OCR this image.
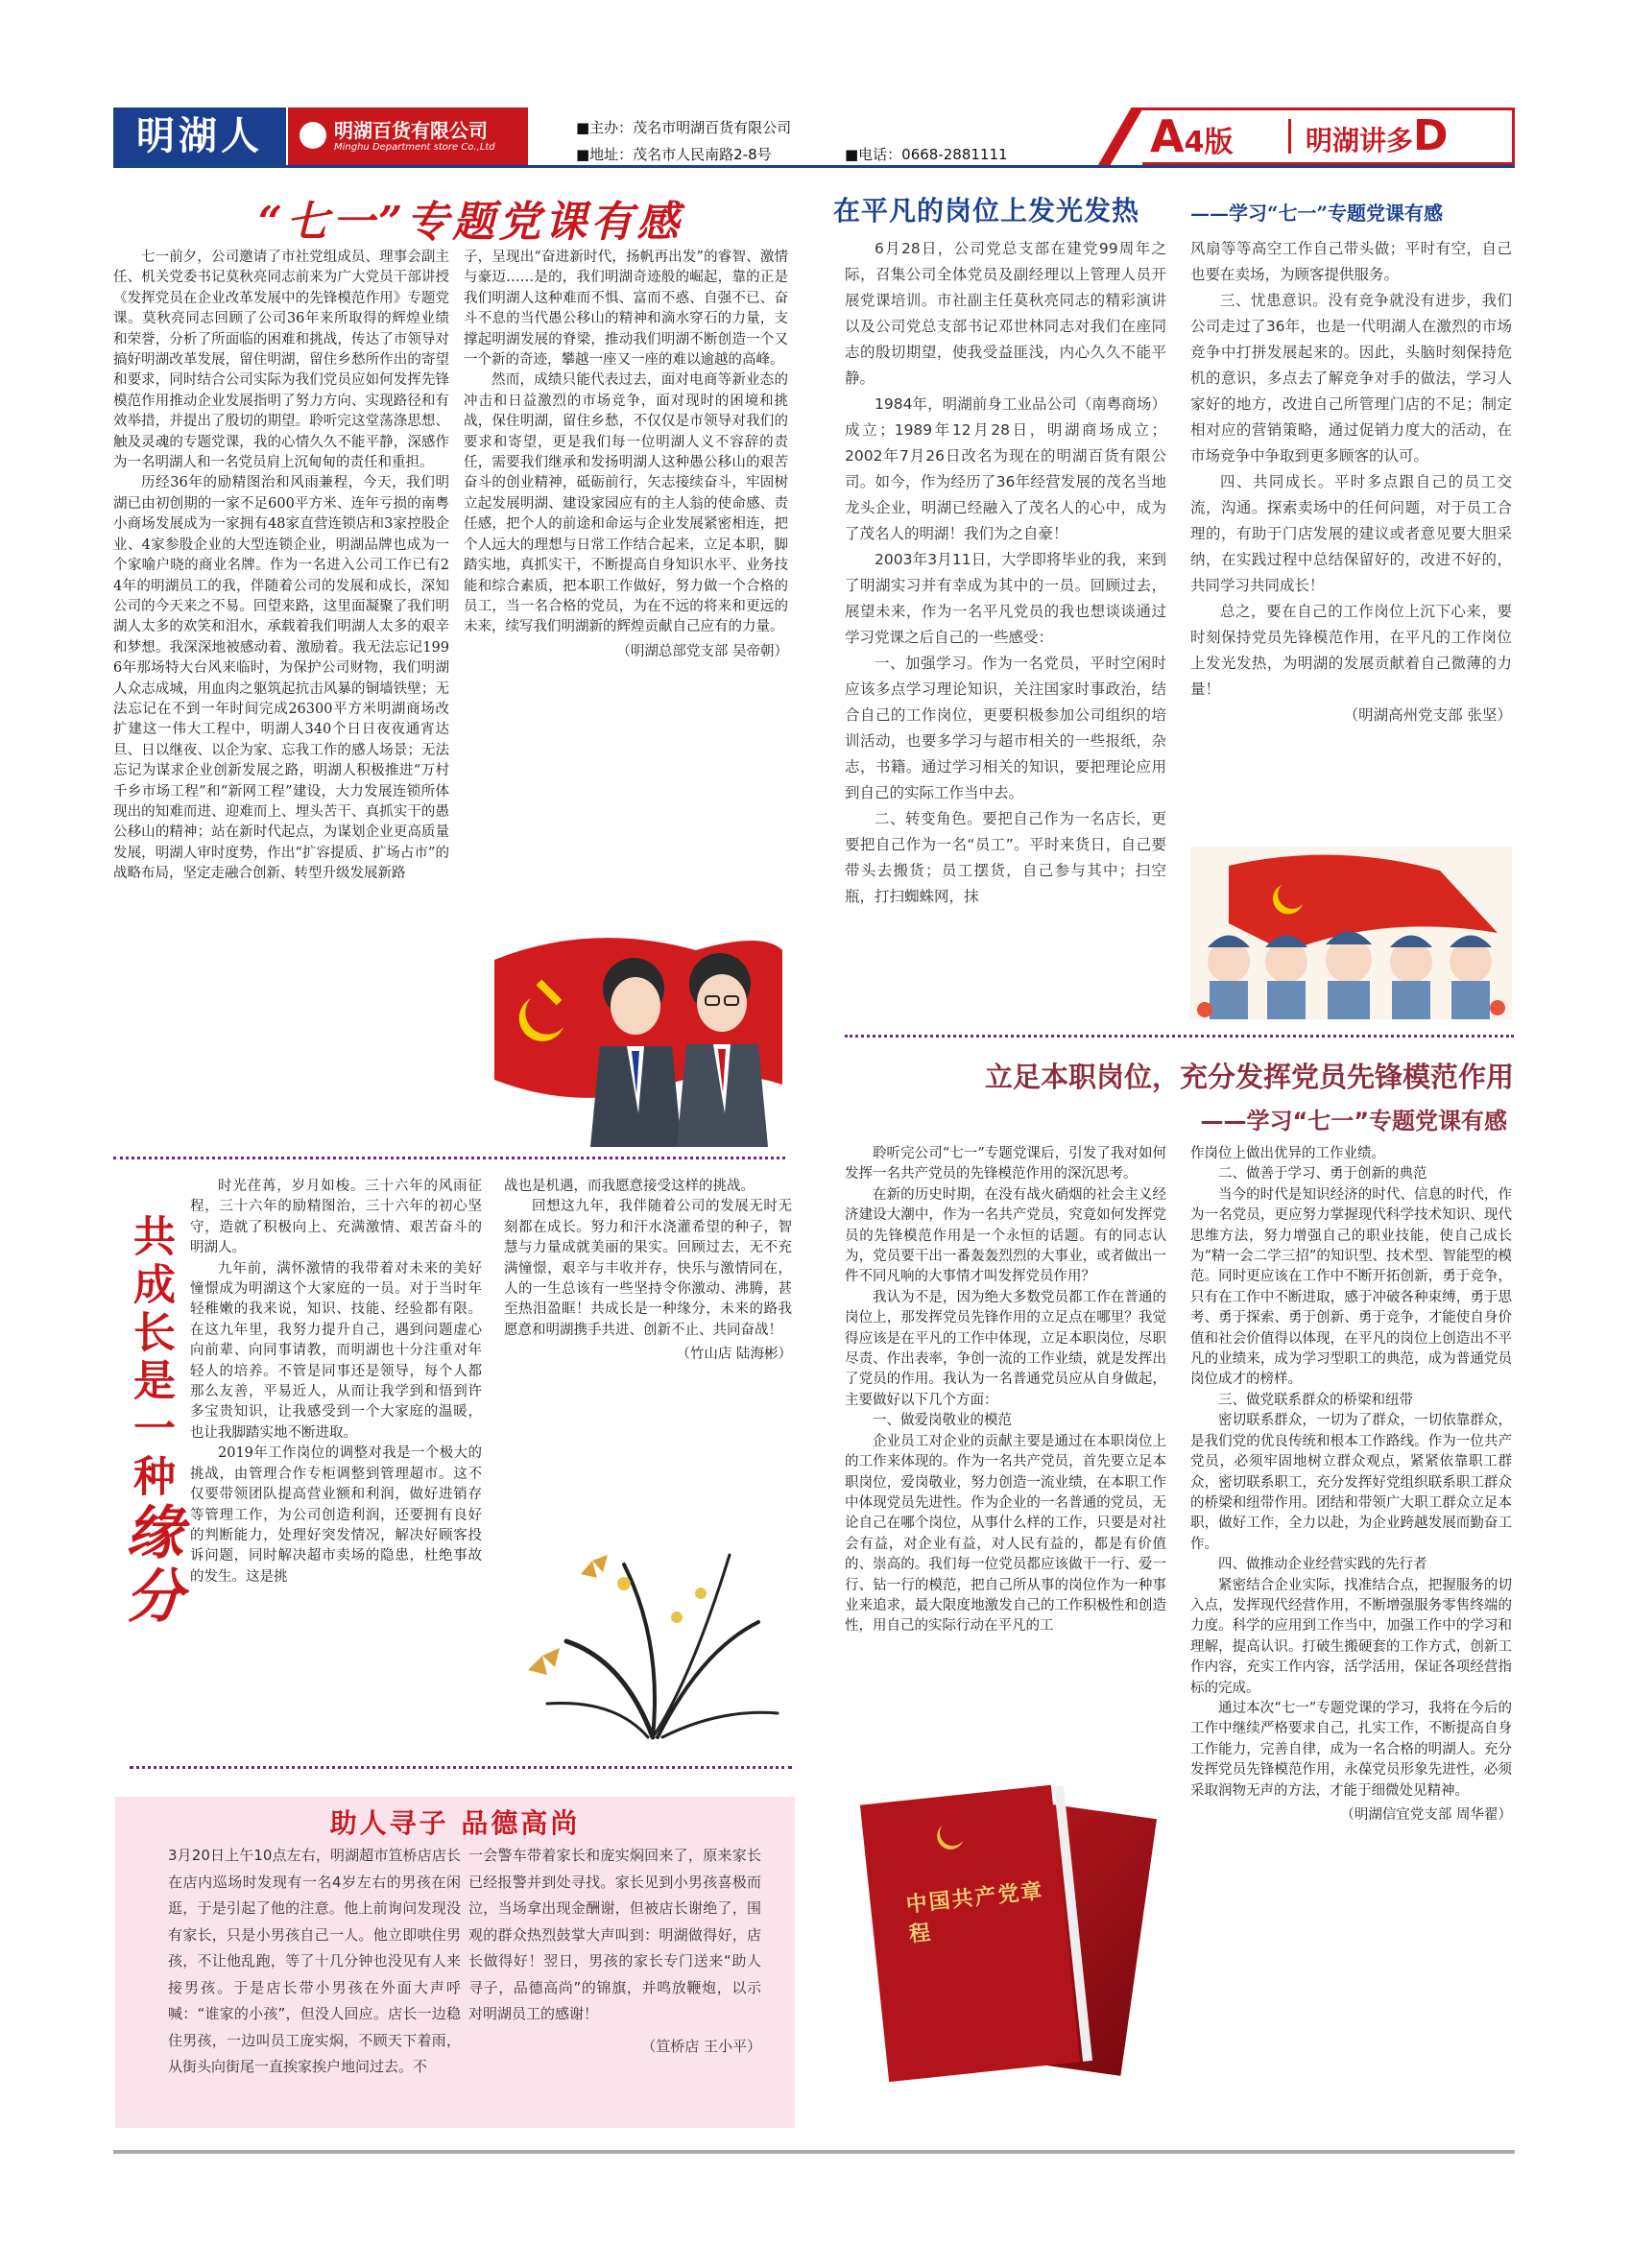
明湖人	明湖百货有限公司
Minghu Department store Co.,Ltd
■主办：茂名市明湖百货有限公司
■地址：茂名市人民南路2-8号	■电话：0668-2881111	A4版	明湖讲多D
“七一”专题党课有感

七一前夕，公司邀请了市社党组成员、理事会副主任、机关党委书记莫秋亮同志前来为广大党员干部讲授《发挥党员在企业改革发展中的先锋模范作用》专题党课。莫秋亮同志回顾了公司36年来所取得的辉煌业绩和荣誉，分析了所面临的困难和挑战，传达了市领导对搞好明湖改革发展，留住明湖，留住乡愁所作出的寄望和要求，同时结合公司实际为我们党员应如何发挥先锋模范作用推动企业发展指明了努力方向、实现路径和有效举措，并提出了殷切的期望。聆听完这堂荡涤思想、触及灵魂的专题党课，我的心情久久不能平静，深感作为一名明湖人和一名党员肩上沉甸甸的责任和重担。

历经36年的励精图治和风雨兼程，今天，我们明湖已由初创期的一家不足600平方米、连年亏损的南粤小商场发展成为一家拥有48家直营连锁店和3家控股企业、4家参股企业的大型连锁企业，明湖品牌也成为一个家喻户晓的商业名牌。作为一名进入公司工作已有24年的明湖员工的我，伴随着公司的发展和成长，深知公司的今天来之不易。回望来路，这里面凝聚了我们明湖人太多的欢笑和泪水，承载着我们明湖人太多的艰辛和梦想。我深深地被感动着、激励着。我无法忘记1996年那场特大台风来临时，为保护公司财物，我们明湖人众志成城，用血肉之躯筑起抗击风暴的铜墙铁壁；无法忘记在不到一年时间完成26300平方米明湖商场改扩建这一伟大工程中，明湖人340个日日夜夜通宵达旦、日以继夜、以企为家、忘我工作的感人场景；无法忘记为谋求企业创新发展之路，明湖人积极推进“万村千乡市场工程”和“新网工程”建设，大力发展连锁所体现出的知难而进、迎难而上、埋头苦干、真抓实干的愚公移山的精神；站在新时代起点，为谋划企业更高质量发展，明湖人审时度势，作出“扩容提质、扩场占市”的战略布局，坚定走融合创新、转型升级发展新路

子，呈现出“奋进新时代，扬帆再出发”的睿智、激情与豪迈……是的，我们明湖奇迹般的崛起，靠的正是我们明湖人这种难而不惧、富而不惑、自强不已、奋斗不息的当代愚公移山的精神和滴水穿石的力量，支撑起明湖发展的脊梁，推动我们明湖不断创造一个又一个新的奇迹，攀越一座又一座的难以逾越的高峰。

然而，成绩只能代表过去，面对电商等新业态的冲击和日益激烈的市场竞争，面对现时的困境和挑战，保住明湖，留住乡愁，不仅仅是市领导对我们的要求和寄望，更是我们每一位明湖人义不容辞的责任，需要我们继承和发扬明湖人这种愚公移山的艰苦奋斗的创业精神，砥砺前行，矢志接续奋斗，牢固树立起发展明湖、建设家园应有的主人翁的使命感、责任感，把个人的前途和命运与企业发展紧密相连，把个人远大的理想与日常工作结合起来，立足本职，脚踏实地，真抓实干，不断提高自身知识水平、业务技能和综合素质，把本职工作做好，努力做一个合格的员工，当一名合格的党员，为在不远的将来和更远的未来，续写我们明湖新的辉煌贡献自己应有的力量。

（明湖总部党支部 吴帝朝）

共成长是一种缘分

时光荏苒，岁月如梭。三十六年的风雨征程，三十六年的励精图治，三十六年的初心坚守，造就了积极向上、充满激情、艰苦奋斗的明湖人。

九年前，满怀激情的我带着对未来的美好憧憬成为明湖这个大家庭的一员。对于当时年轻稚嫩的我来说，知识、技能、经验都有限。在这九年里，我努力提升自己，遇到问题虚心向前辈、向同事请教，而明湖也十分注重对年轻人的培养。不管是同事还是领导，每个人都那么友善，平易近人，从而让我学到和悟到许多宝贵知识，让我感受到一个大家庭的温暖，也让我脚踏实地不断进取。

2019年工作岗位的调整对我是一个极大的挑战，由管理合作专柜调整到管理超市。这不仅要带领团队提高营业额和利润，做好进销存等管理工作，为公司创造利润，还要拥有良好的判断能力，处理好突发情况，解决好顾客投诉问题，同时解决超市卖场的隐患，杜绝事故的发生。这是挑

战也是机遇，而我愿意接受这样的挑战。

回想这九年，我伴随着公司的发展无时无刻都在成长。努力和汗水浇灌希望的种子，智慧与力量成就美丽的果实。回顾过去，无不充满憧憬，艰辛与丰收并存，快乐与激情同在，人的一生总该有一些坚持令你激动、沸腾，甚至热泪盈眶！共成长是一种缘分，未来的路我愿意和明湖携手共进、创新不止、共同奋战！

（竹山店 陆海彬）

助人寻子 品德高尚

3月20日上午10点左右，明湖超市笪桥店店长在店内巡场时发现有一名4岁左右的男孩在闲逛，于是引起了他的注意。他上前询问发现没有家长，只是小男孩自己一人。他立即哄住男孩，不让他乱跑，等了十几分钟也没见有人来接男孩。于是店长带小男孩在外面大声呼喊：“谁家的小孩”，但没人回应。店长一边稳住男孩，一边叫员工庞实焖，不顾天下着雨，从街头向街尾一直挨家挨户地问过去。不

一会警车带着家长和庞实焖回来了，原来家长已经报警并到处寻找。家长见到小男孩喜极而泣，当场拿出现金酬谢，但被店长谢绝了，围观的群众热烈鼓掌大声叫到：明湖做得好，店长做得好！翌日，男孩的家长专门送来“助人寻子，品德高尚”的锦旗，并鸣放鞭炮，以示对明湖员工的感谢！

（笪桥店 王小平）

在平凡的岗位上发光发热	——学习“七一”专题党课有感

6月28日，公司党总支部在建党99周年之际，召集公司全体党员及副经理以上管理人员开展党课培训。市社副主任莫秋亮同志的精彩演讲以及公司党总支部书记邓世林同志对我们在座同志的殷切期望，使我受益匪浅，内心久久不能平静。

1984年，明湖前身工业品公司（南粤商场）成立；1989年12月28日，明湖商场成立；2002年7月26日改名为现在的明湖百货有限公司。如今，作为经历了36年经营发展的茂名当地龙头企业，明湖已经融入了茂名人的心中，成为了茂名人的明湖！我们为之自豪！

2003年3月11日，大学即将毕业的我，来到了明湖实习并有幸成为其中的一员。回顾过去，展望未来，作为一名平凡党员的我也想谈谈通过学习党课之后自己的一些感受：

一、加强学习。作为一名党员，平时空闲时应该多点学习理论知识，关注国家时事政治，结合自己的工作岗位，更要积极参加公司组织的培训活动，也要多学习与超市相关的一些报纸，杂志，书籍。通过学习相关的知识，要把理论应用到自己的实际工作当中去。

二、转变角色。要把自己作为一名店长，更要把自己作为一名“员工”。平时来货日，自己要带头去搬货；员工摆货，自己参与其中；扫空瓶，打扫蜘蛛网，抹

风扇等等高空工作自己带头做；平时有空，自己也要在卖场，为顾客提供服务。

三、忧患意识。没有竞争就没有进步，我们公司走过了36年，也是一代明湖人在激烈的市场竞争中打拼发展起来的。因此，头脑时刻保持危机的意识，多点去了解竞争对手的做法，学习人家好的地方，改进自己所管理门店的不足；制定相对应的营销策略，通过促销力度大的活动，在市场竞争中争取到更多顾客的认可。

四、共同成长。平时多点跟自己的员工交流，沟通。探索卖场中的任何问题，对于员工合理的，有助于门店发展的建议或者意见要大胆采纳，在实践过程中总结保留好的，改进不好的，共同学习共同成长！

总之，要在自己的工作岗位上沉下心来，要时刻保持党员先锋模范作用，在平凡的工作岗位上发光发热，为明湖的发展贡献着自己微薄的力量！

（明湖高州党支部 张坚）

立足本职岗位，充分发挥党员先锋模范作用
——学习“七一”专题党课有感

聆听完公司“七一”专题党课后，引发了我对如何发挥一名共产党员的先锋模范作用的深沉思考。

在新的历史时期，在没有战火硝烟的社会主义经济建设大潮中，作为一名共产党员，究竟如何发挥党员的先锋模范作用是一个永恒的话题。有的同志认为，党员要干出一番轰轰烈烈的大事业，或者做出一件不同凡响的大事情才叫发挥党员作用？

我认为不是，因为绝大多数党员都工作在普通的岗位上，那发挥党员先锋作用的立足点在哪里？我觉得应该是在平凡的工作中体现，立足本职岗位，尽职尽责、作出表率，争创一流的工作业绩，就是发挥出了党员的作用。我认为一名普通党员应从自身做起，主要做好以下几个方面：

一、做爱岗敬业的模范

企业员工对企业的贡献主要是通过在本职岗位上的工作来体现的。作为一名共产党员，首先要立足本职岗位，爱岗敬业，努力创造一流业绩，在本职工作中体现党员先进性。作为企业的一名普通的党员，无论自己在哪个岗位，从事什么样的工作，只要是对社会有益，对企业有益，对人民有益的，都是有价值的、崇高的。我们每一位党员都应该做干一行、爱一行、钻一行的模范，把自己所从事的岗位作为一种事业来追求，最大限度地激发自己的工作积极性和创造性，用自己的实际行动在平凡的工

作岗位上做出优异的工作业绩。

二、做善于学习、勇于创新的典范

当今的时代是知识经济的时代、信息的时代，作为一名党员，更应努力掌握现代科学技术知识、现代思维方法，努力增强自己的职业技能，使自己成长为“精一会二学三招”的知识型、技术型、智能型的模范。同时更应该在工作中不断开拓创新，勇于竞争，只有在工作中不断进取，感于冲破各种束缚，勇于思考、勇于探索、勇于创新、勇于竞争，才能使自身价值和社会价值得以体现，在平凡的岗位上创造出不平凡的业绩来，成为学习型职工的典范，成为普通党员岗位成才的榜样。

三、做党联系群众的桥梁和纽带

密切联系群众，一切为了群众，一切依靠群众，是我们党的优良传统和根本工作路线。作为一位共产党员，必须牢固地树立群众观点，紧紧依靠职工群众，密切联系职工，充分发挥好党组织联系职工群众的桥梁和纽带作用。团结和带领广大职工群众立足本职，做好工作，全力以赴，为企业跨越发展而勤奋工作。

四、做推动企业经营实践的先行者

紧密结合企业实际，找准结合点，把握服务的切入点，发挥现代经营作用，不断增强服务零售终端的力度。科学的应用到工作当中，加强工作中的学习和理解，提高认识。打破生搬硬套的工作方式，创新工作内容，充实工作内容，活学活用，保证各项经营指标的完成。

通过本次“七一”专题党课的学习，我将在今后的工作中继续严格要求自己，扎实工作，不断提高自身工作能力，完善自律，成为一名合格的明湖人。充分发挥党员先锋模范作用，永葆党员形象先进性，必须采取润物无声的方法，才能于细微处见精神。

（明湖信宜党支部 周华翟）

中国共产党章程
